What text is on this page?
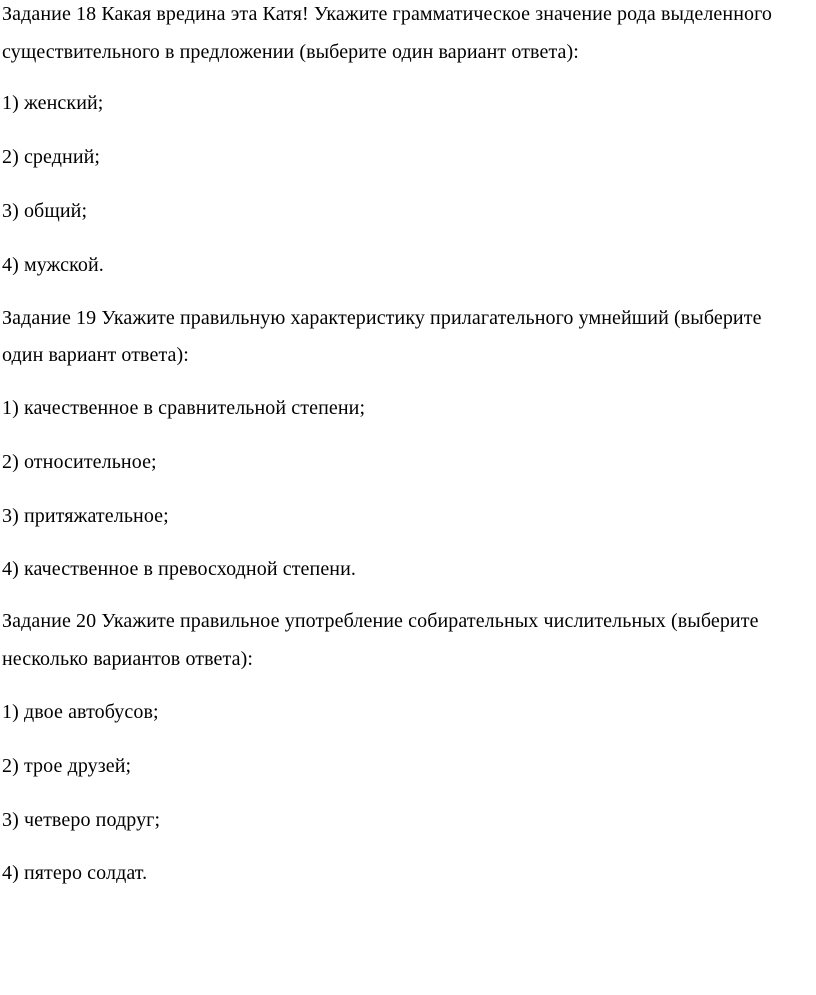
Задание 18 Какая вредина эта Катя! Укажите грамматическое значение рода выделенного
существительного в предложении (выберите один вариант ответа):
1) женский;
2) средний;
3) общий;
4) мужской.
Задание 19 Укажите правильную характеристику прилагательного умнейший (выберите
один вариант ответа):
1) качественное в сравнительной степени;
2) относительное;
3) притяжательное;
4) качественное в превосходной степени.
Задание 20 Укажите правильное употребление собирательных числительных (выберите
несколько вариантов ответа):
1) двое автобусов;
2) трое друзей;
3) четверо подруг;
4) пятеро солдат.
